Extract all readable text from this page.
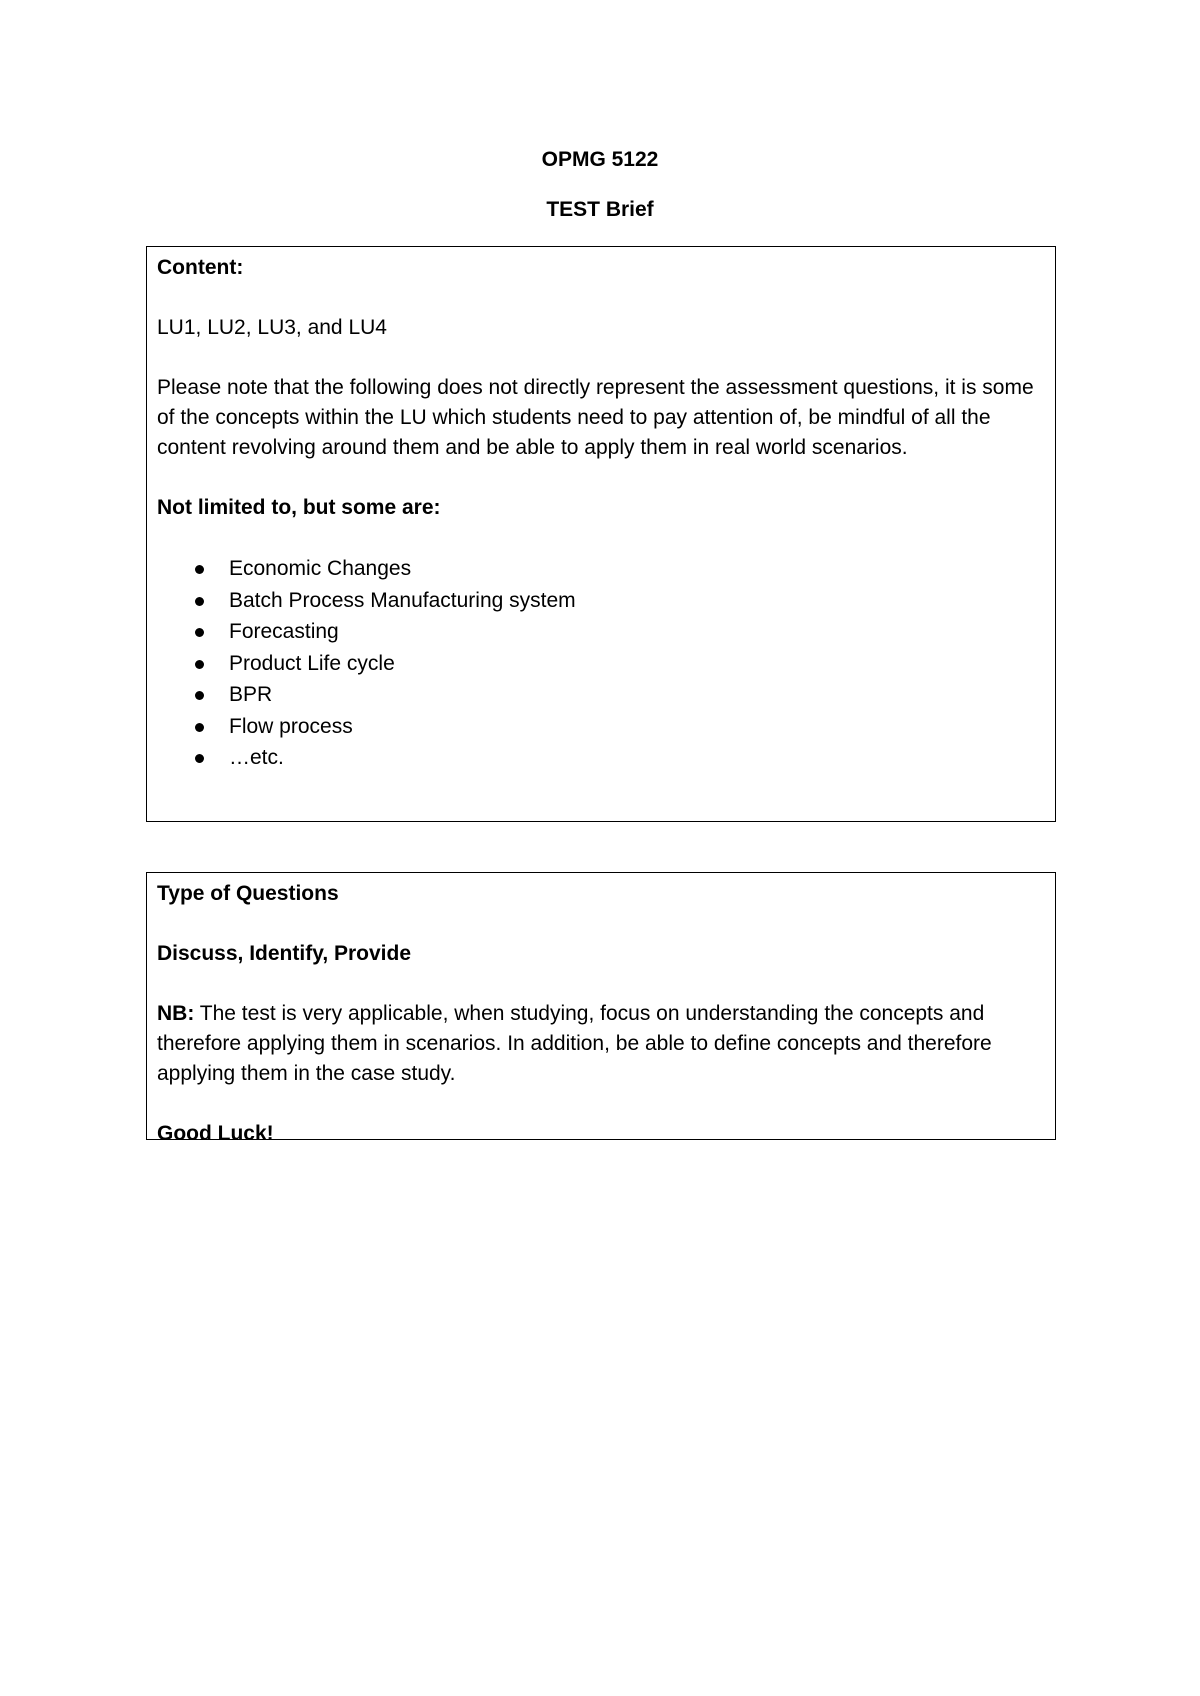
OPMG 5122

TEST Brief

Content:

LU1, LU2, LU3, and LU4

Please note that the following does not directly represent the assessment questions, it is some of the concepts within the LU which students need to pay attention of, be mindful of all the content revolving around them and be able to apply them in real world scenarios.

Not limited to, but some are:

Economic Changes
Batch Process Manufacturing system
Forecasting
Product Life cycle
BPR
Flow process
…etc.

Type of Questions

Discuss, Identify, Provide

NB: The test is very applicable, when studying, focus on understanding the concepts and therefore applying them in scenarios. In addition, be able to define concepts and therefore applying them in the case study.

Good Luck!
